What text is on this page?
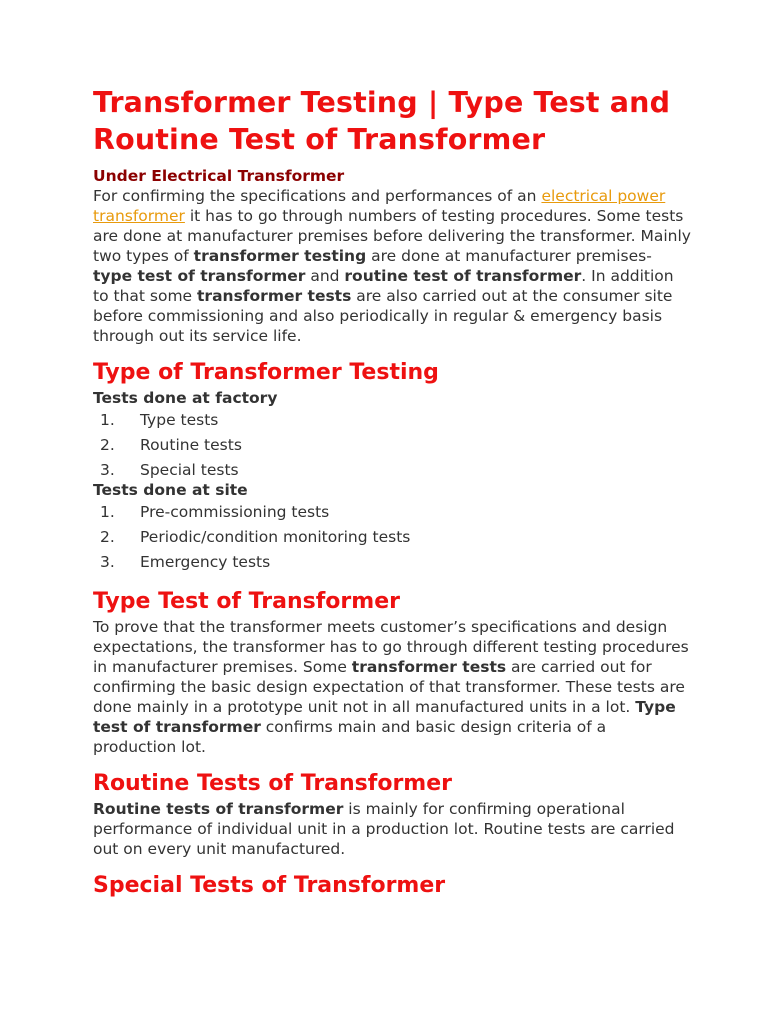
Transformer Testing | Type Test and Routine Test of Transformer
Under Electrical Transformer

For confirming the specifications and performances of an electrical power transformer it has to go through numbers of testing procedures. Some tests are done at manufacturer premises before delivering the transformer. Mainly two types of transformer testing are done at manufacturer premises- type test of transformer and routine test of transformer. In addition to that some transformer tests are also carried out at the consumer site before commissioning and also periodically in regular & emergency basis through out its service life.

Type of Transformer Testing
Tests done at factory
1. Type tests
2. Routine tests
3. Special tests
Tests done at site
1. Pre-commissioning tests
2. Periodic/condition monitoring tests
3. Emergency tests
Type Test of Transformer

To prove that the transformer meets customer’s specifications and design expectations, the transformer has to go through different testing procedures in manufacturer premises. Some transformer tests are carried out for confirming the basic design expectation of that transformer. These tests are done mainly in a prototype unit not in all manufactured units in a lot. Type test of transformer confirms main and basic design criteria of a production lot.

Routine Tests of Transformer

Routine tests of transformer is mainly for confirming operational performance of individual unit in a production lot. Routine tests are carried out on every unit manufactured.

Special Tests of Transformer
